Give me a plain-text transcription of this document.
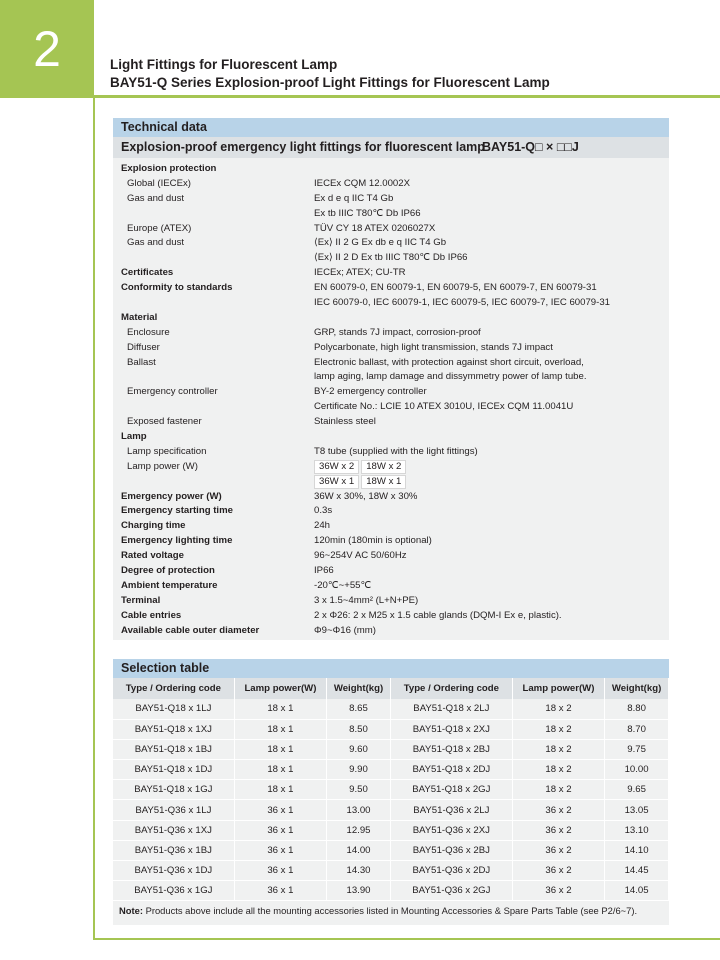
2	Light Fittings for Fluorescent Lamp
BAY51-Q Series Explosion-proof Light Fittings for Fluorescent Lamp
Technical data
Explosion-proof emergency light fittings for fluorescent lamp
BAY51-Q□ × □□J
Explosion protection
Global (IECEx)	IECEx CQM 12.0002X
Gas and dust	Ex d e q IIC T4 Gb
Ex tb IIIC T80℃ Db IP66
Europe (ATEX)	TÜV CY 18 ATEX 0206027X
Gas and dust	⟨Ex⟩ II 2 G Ex db e q IIC T4 Gb
⟨Ex⟩ II 2 D Ex tb IIIC T80℃ Db IP66
Certificates	IECEx; ATEX; CU-TR
Conformity to standards	EN 60079-0, EN 60079-1, EN 60079-5, EN 60079-7, EN 60079-31
IEC 60079-0, IEC 60079-1, IEC 60079-5, IEC 60079-7, IEC 60079-31
Material
Enclosure	GRP, stands 7J impact, corrosion-proof
Diffuser	Polycarbonate, high light transmission, stands 7J impact
Ballast	Electronic ballast, with protection against short circuit, overload,
lamp aging, lamp damage and dissymmetry power of lamp tube.
Emergency controller	BY-2 emergency controller
Certificate No.: LCIE 10 ATEX 3010U, IECEx CQM 11.0041U
Exposed fastener	Stainless steel
Lamp
Lamp specification	T8 tube (supplied with the light fittings)
Lamp power (W)	36W x 2 18W x 2
36W x 1 18W x 1
Emergency power (W)	36W x 30%, 18W x 30%
Emergency starting time	0.3s
Charging time	24h
Emergency lighting time	120min (180min is optional)
Rated voltage	96~254V AC 50/60Hz
Degree of protection	IP66
Ambient temperature	-20℃~+55℃
Terminal	3 x 1.5~4mm² (L+N+PE)
Cable entries	2 x Φ26: 2 x M25 x 1.5 cable glands (DQM-I Ex e, plastic).
Available cable outer diameter	Φ9~Φ16 (mm)
Selection table
Type / Ordering code	Lamp power(W)	Weight(kg)	Type / Ordering code	Lamp power(W)	Weight(kg)
BAY51-Q18 x 1LJ	18 x 1	8.65	BAY51-Q18 x 2LJ	18 x 2	8.80
BAY51-Q18 x 1XJ	18 x 1	8.50	BAY51-Q18 x 2XJ	18 x 2	8.70
BAY51-Q18 x 1BJ	18 x 1	9.60	BAY51-Q18 x 2BJ	18 x 2	9.75
BAY51-Q18 x 1DJ	18 x 1	9.90	BAY51-Q18 x 2DJ	18 x 2	10.00
BAY51-Q18 x 1GJ	18 x 1	9.50	BAY51-Q18 x 2GJ	18 x 2	9.65
BAY51-Q36 x 1LJ	36 x 1	13.00	BAY51-Q36 x 2LJ	36 x 2	13.05
BAY51-Q36 x 1XJ	36 x 1	12.95	BAY51-Q36 x 2XJ	36 x 2	13.10
BAY51-Q36 x 1BJ	36 x 1	14.00	BAY51-Q36 x 2BJ	36 x 2	14.10
BAY51-Q36 x 1DJ	36 x 1	14.30	BAY51-Q36 x 2DJ	36 x 2	14.45
BAY51-Q36 x 1GJ	36 x 1	13.90	BAY51-Q36 x 2GJ	36 x 2	14.05
Note: Products above include all the mounting accessories listed in Mounting Accessories & Spare Parts Table (see P2/6~7).
